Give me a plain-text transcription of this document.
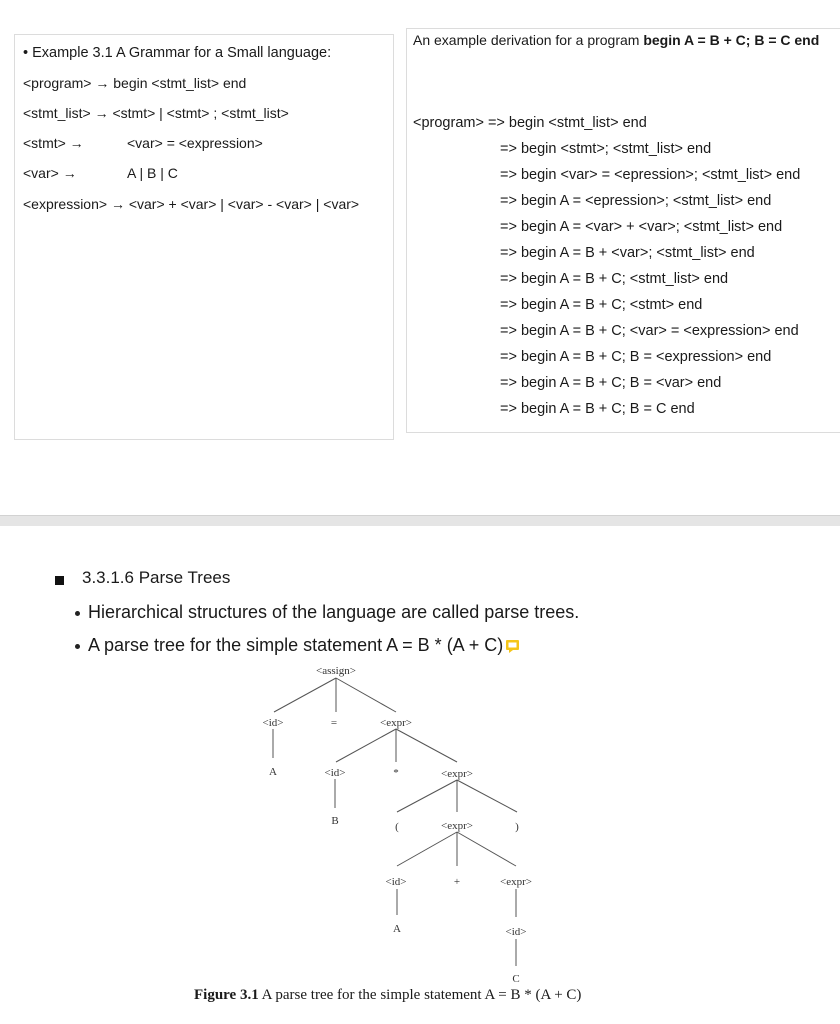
• Example 3.1 A Grammar for a Small language:
<program> → begin <stmt_list> end
<stmt_list> → <stmt> | <stmt> ; <stmt_list>
<stmt> →	<var> = <expression>
<var> →	A | B | C
<expression> → <var> + <var> | <var> - <var> | <var>
An example derivation for a program begin A = B + C; B = C end
<program> => begin <stmt_list> end
=> begin <stmt>; <stmt_list> end
=> begin <var> = <epression>; <stmt_list> end
=> begin A = <epression>; <stmt_list> end
=> begin A = <var> + <var>; <stmt_list> end
=> begin A = B + <var>; <stmt_list> end
=> begin A = B + C; <stmt_list> end
=> begin A = B + C; <stmt> end
=> begin A = B + C; <var> = <expression> end
=> begin A = B + C; B = <expression> end
=> begin A = B + C; B = <var> end
=> begin A = B + C; B = C end
3.3.1.6 Parse Trees
Hierarchical structures of the language are called parse trees.
A parse tree for the simple statement A = B * (A + C)
<assign>
<id>	=	<expr>
A	<id>	*	<expr>
B	(	<expr>	)
<id>	+	<expr>
A	<id>
C
Figure 3.1 A parse tree for the simple statement A = B * (A + C)
